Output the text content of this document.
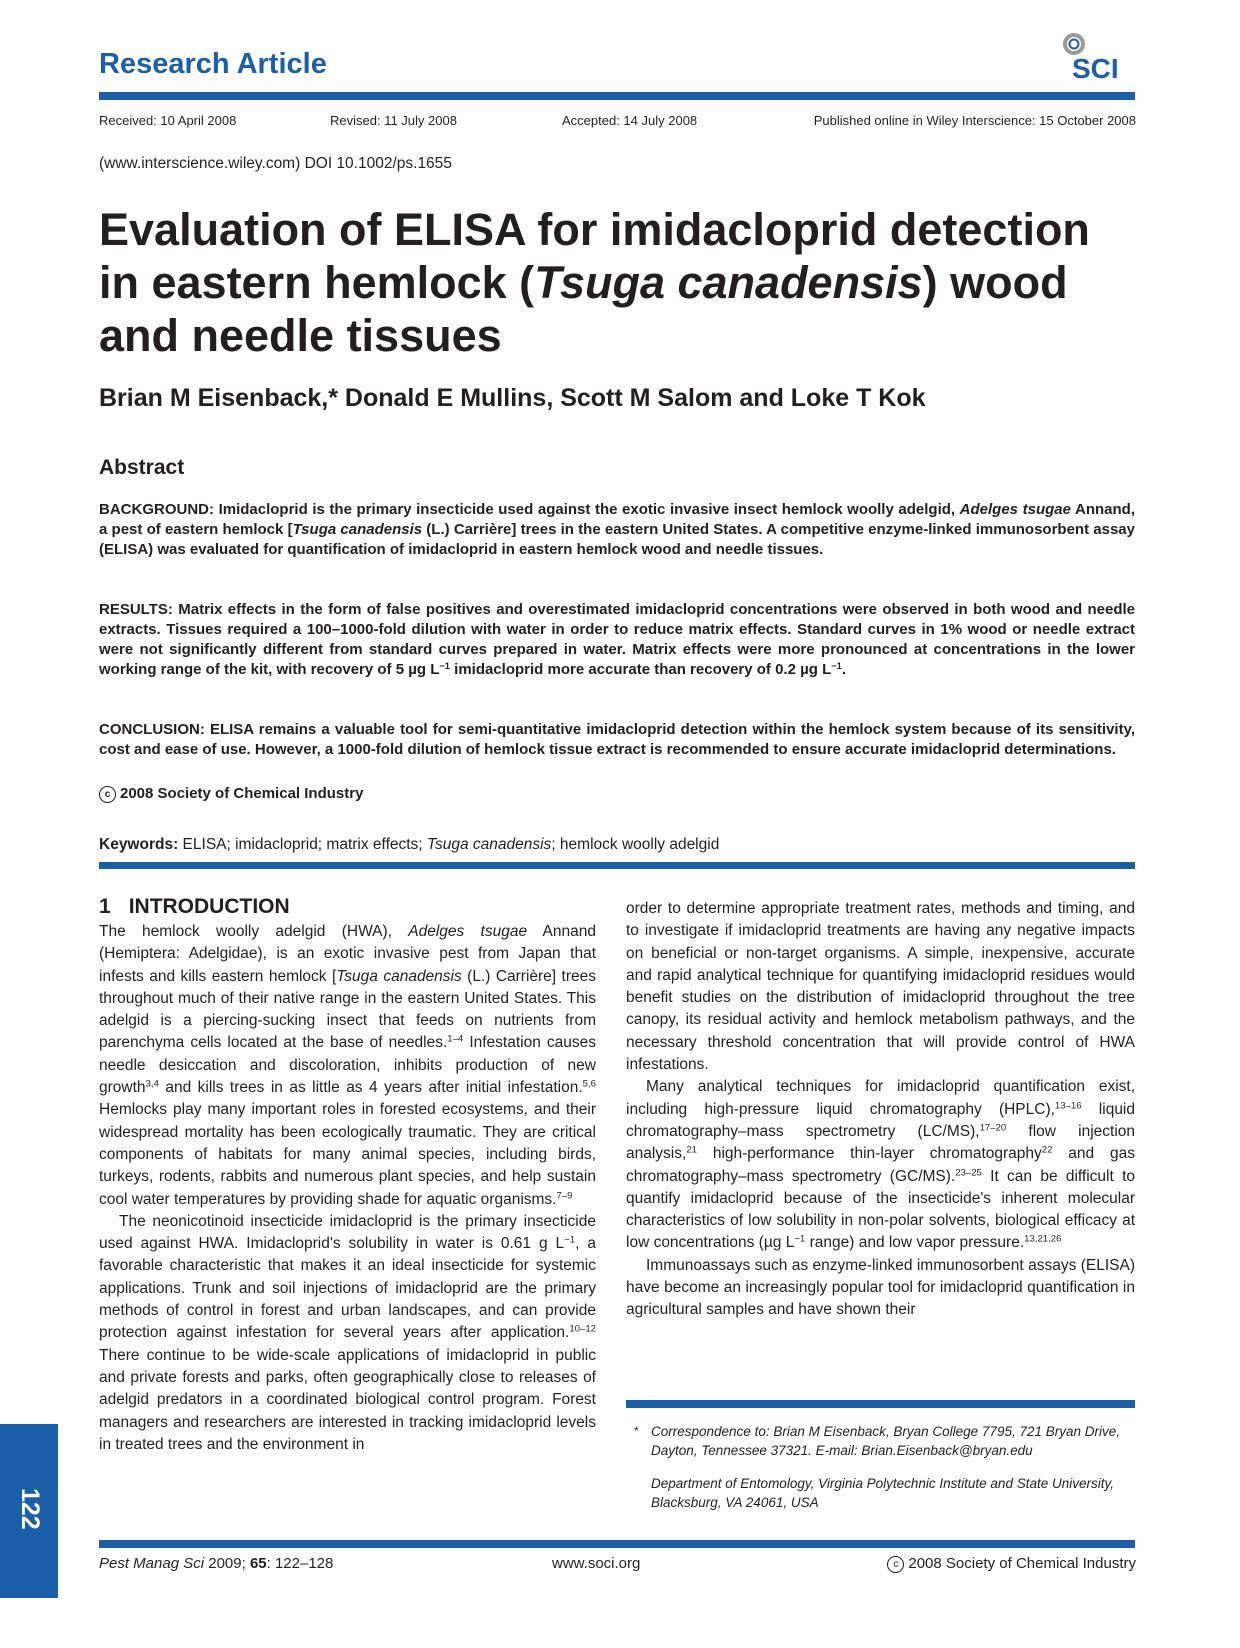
Research Article	SCI
Received: 10 April 2008	Revised: 11 July 2008	Accepted: 14 July 2008	Published online in Wiley Interscience: 15 October 2008
(www.interscience.wiley.com) DOI 10.1002/ps.1655
Evaluation of ELISA for imidacloprid detection in eastern hemlock (Tsuga canadensis) wood and needle tissues
Brian M Eisenback,* Donald E Mullins, Scott M Salom and Loke T Kok
Abstract
BACKGROUND: Imidacloprid is the primary insecticide used against the exotic invasive insect hemlock woolly adelgid, Adelges tsugae Annand, a pest of eastern hemlock [Tsuga canadensis (L.) Carrière] trees in the eastern United States. A competitive enzyme-linked immunosorbent assay (ELISA) was evaluated for quantification of imidacloprid in eastern hemlock wood and needle tissues.
RESULTS: Matrix effects in the form of false positives and overestimated imidacloprid concentrations were observed in both wood and needle extracts. Tissues required a 100–1000-fold dilution with water in order to reduce matrix effects. Standard curves in 1% wood or needle extract were not significantly different from standard curves prepared in water. Matrix effects were more pronounced at concentrations in the lower working range of the kit, with recovery of 5 µg $L^{-1}$ imidacloprid more accurate than recovery of 0.2 µg $L^{-1}$.
CONCLUSION: ELISA remains a valuable tool for semi-quantitative imidacloprid detection within the hemlock system because of its sensitivity, cost and ease of use. However, a 1000-fold dilution of hemlock tissue extract is recommended to ensure accurate imidacloprid determinations.
c 2008 Society of Chemical Industry
Keywords: ELISA; imidacloprid; matrix effects; Tsuga canadensis; hemlock woolly adelgid
1 INTRODUCTION

The hemlock woolly adelgid (HWA), Adelges tsugae Annand (Hemiptera: Adelgidae), is an exotic invasive pest from Japan that infests and kills eastern hemlock [Tsuga canadensis (L.) Carrière] trees throughout much of their native range in the eastern United States. This adelgid is a piercing-sucking insect that feeds on nutrients from parenchyma cells located at the base of needles.$^{1-4}$ Infestation causes needle desiccation and discoloration, inhibits production of new growth$^{3,4}$ and kills trees in as little as 4 years after initial infestation.$^{5,6}$ Hemlocks play many important roles in forested ecosystems, and their widespread mortality has been ecologically traumatic. They are critical components of habitats for many animal species, including birds, turkeys, rodents, rabbits and numerous plant species, and help sustain cool water temperatures by providing shade for aquatic organisms.$^{7-9}$

The neonicotinoid insecticide imidacloprid is the primary insecticide used against HWA. Imidacloprid's solubility in water is 0.61 g $L^{-1}$, a favorable characteristic that makes it an ideal insecticide for systemic applications. Trunk and soil injections of imidacloprid are the primary methods of control in forest and urban landscapes, and can provide protection against infestation for several years after application.$^{10-12}$ There continue to be wide-scale applications of imidacloprid in public and private forests and parks, often geographically close to releases of adelgid predators in a coordinated biological control program. Forest managers and researchers are interested in tracking imidacloprid levels in treated trees and the environment in

order to determine appropriate treatment rates, methods and timing, and to investigate if imidacloprid treatments are having any negative impacts on beneficial or non-target organisms. A simple, inexpensive, accurate and rapid analytical technique for quantifying imidacloprid residues would benefit studies on the distribution of imidacloprid throughout the tree canopy, its residual activity and hemlock metabolism pathways, and the necessary threshold concentration that will provide control of HWA infestations.

Many analytical techniques for imidacloprid quantification exist, including high-pressure liquid chromatography (HPLC),$^{13-16}$ liquid chromatography–mass spectrometry (LC/MS),$^{17-20}$ flow injection analysis,$^{21}$ high-performance thin-layer chromatography$^{22}$ and gas chromatography–mass spectrometry (GC/MS).$^{23-25}$ It can be difficult to quantify imidacloprid because of the insecticide's inherent molecular characteristics of low solubility in non-polar solvents, biological efficacy at low concentrations (µg $L^{-1}$ range) and low vapor pressure.$^{13,21,26}$

Immunoassays such as enzyme-linked immunosorbent assays (ELISA) have become an increasingly popular tool for imidacloprid quantification in agricultural samples and have shown their

* Correspondence to: Brian M Eisenback, Bryan College 7795, 721 Bryan Drive, Dayton, Tennessee 37321. E-mail: Brian.Eisenback@bryan.edu
Department of Entomology, Virginia Polytechnic Institute and State University, Blacksburg, VA 24061, USA
122
Pest Manag Sci 2009; 65: 122–128	www.soci.org	c 2008 Society of Chemical Industry
